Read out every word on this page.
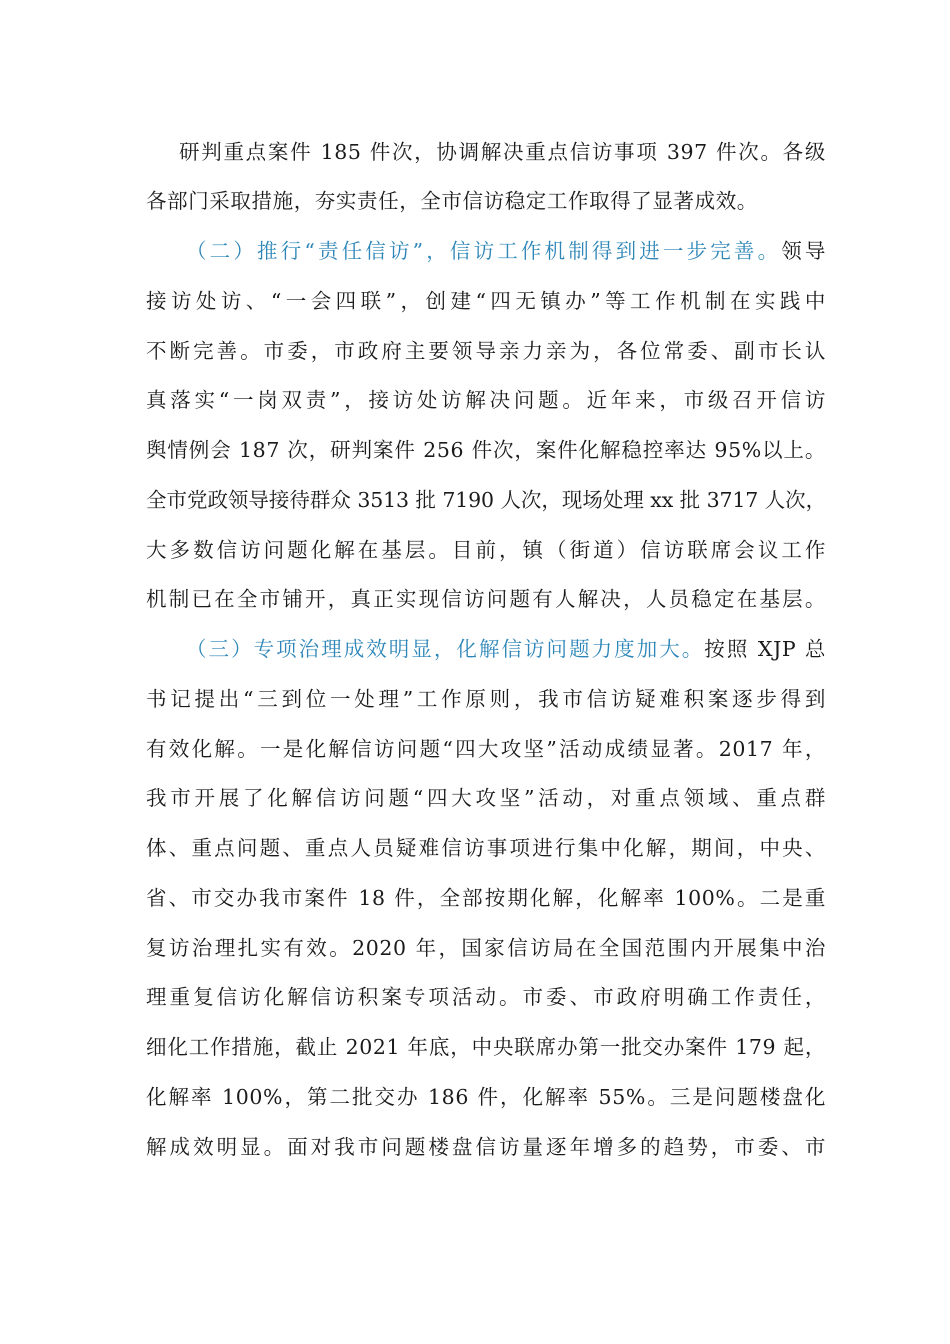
研判重点案件 185 件次，协调解决重点信访事项 397 件次。各级
各部门采取措施，夯实责任，全市信访稳定工作取得了显著成效。
（二）推行“责任信访”，信访工作机制得到进一步完善。领导
接访处访、“一会四联”，创建“四无镇办”等工作机制在实践中
不断完善。市委，市政府主要领导亲力亲为，各位常委、副市长认
真落实“一岗双责”，接访处访解决问题。近年来，市级召开信访
舆情例会 187 次，研判案件 256 件次，案件化解稳控率达 95%以上。
全市党政领导接待群众 3513 批 7190 人次，现场处理 xx 批 3717 人次，
大多数信访问题化解在基层。目前，镇（街道）信访联席会议工作
机制已在全市铺开，真正实现信访问题有人解决，人员稳定在基层。
（三）专项治理成效明显，化解信访问题力度加大。按照 XJP 总
书记提出“三到位一处理”工作原则，我市信访疑难积案逐步得到
有效化解。一是化解信访问题“四大攻坚”活动成绩显著。2017 年，
我市开展了化解信访问题“四大攻坚”活动，对重点领域、重点群
体、重点问题、重点人员疑难信访事项进行集中化解，期间，中央、
省、市交办我市案件 18 件，全部按期化解，化解率 100%。二是重
复访治理扎实有效。2020 年，国家信访局在全国范围内开展集中治
理重复信访化解信访积案专项活动。市委、市政府明确工作责任，
细化工作措施，截止 2021 年底，中央联席办第一批交办案件 179 起，
化解率 100%，第二批交办 186 件，化解率 55%。三是问题楼盘化
解成效明显。面对我市问题楼盘信访量逐年增多的趋势，市委、市
